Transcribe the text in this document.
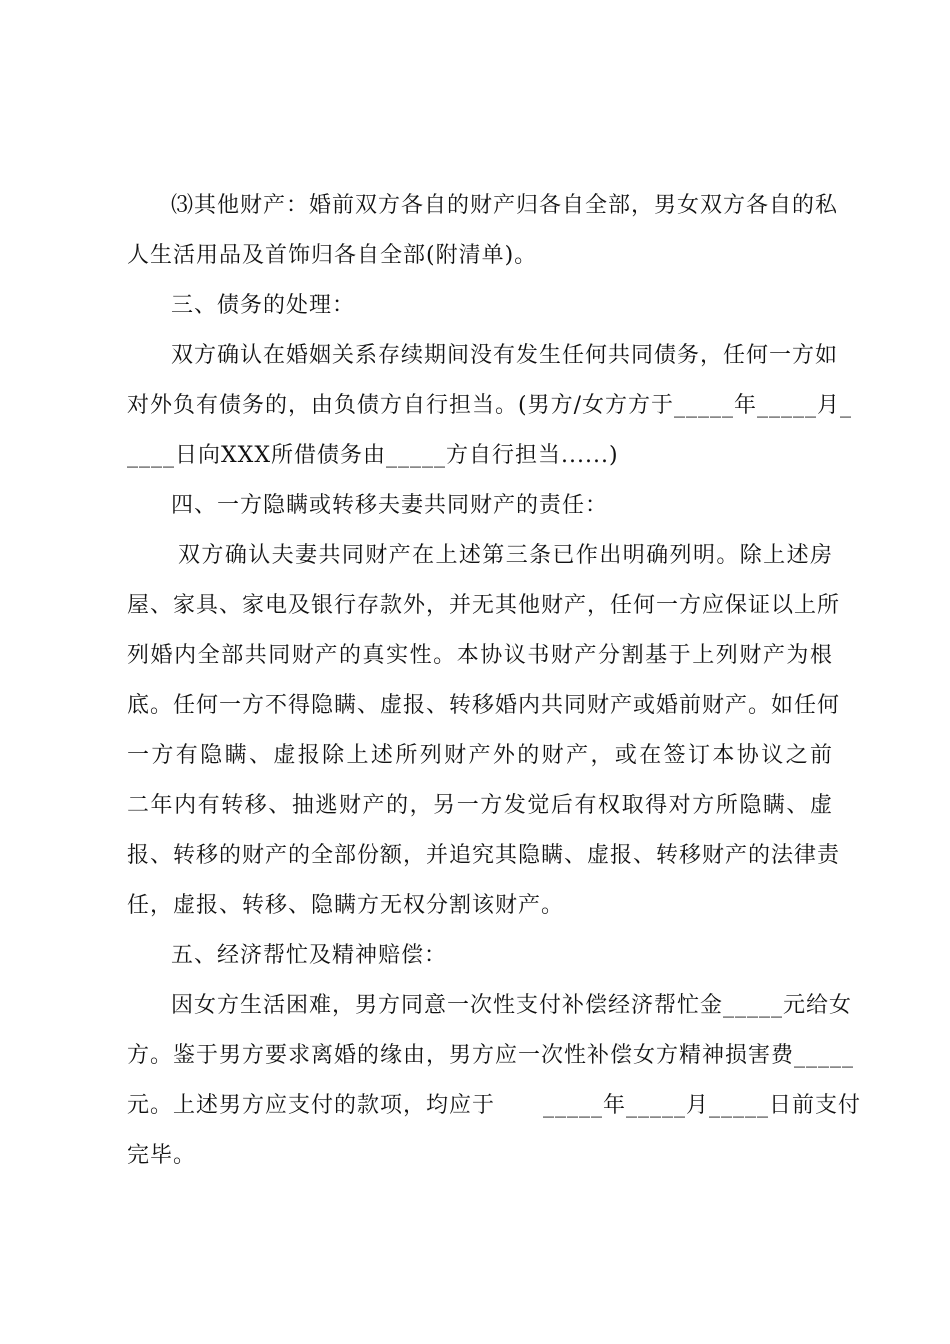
⑶其他财产：婚前双方各自的财产归各自全部，男女双方各自的私
人生活用品及首饰归各自全部(附清单)。
三、债务的处理：
双方确认在婚姻关系存续期间没有发生任何共同债务，任何一方如
对外负有债务的，由负债方自行担当。(男方/女方方于_____年_____月_
____日向XXX所借债务由_____方自行担当......)
四、一方隐瞒或转移夫妻共同财产的责任：
双方确认夫妻共同财产在上述第三条已作出明确列明。除上述房
屋、家具、家电及银行存款外，并无其他财产，任何一方应保证以上所
列婚内全部共同财产的真实性。本协议书财产分割基于上列财产为根
底。任何一方不得隐瞒、虚报、转移婚内共同财产或婚前财产。如任何
一方有隐瞒、虚报除上述所列财产外的财产，或在签订本协议之前
二年内有转移、抽逃财产的，另一方发觉后有权取得对方所隐瞒、虚
报、转移的财产的全部份额，并追究其隐瞒、虚报、转移财产的法律责
任，虚报、转移、隐瞒方无权分割该财产。
五、经济帮忙及精神赔偿：
因女方生活困难，男方同意一次性支付补偿经济帮忙金_____元给女
方。鉴于男方要求离婚的缘由，男方应一次性补偿女方精神损害费_____
元。上述男方应支付的款项，均应于      _____年_____月_____日前支付
完毕。
